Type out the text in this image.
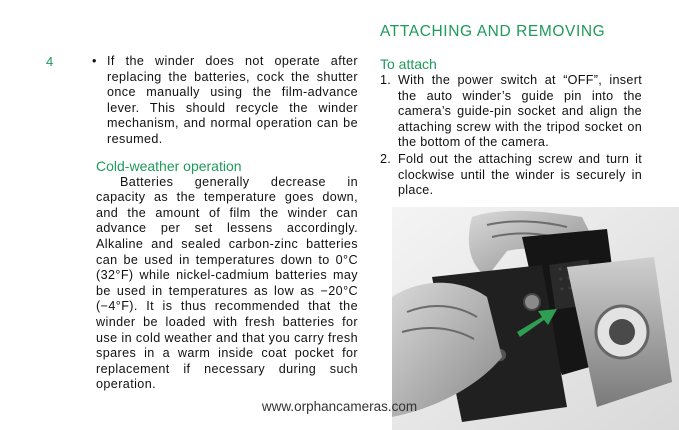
4	• If the winder does not operate after replacing the batteries, cock the shutter once manually using the film-advance lever. This should recycle the winder mechanism, and normal operation can be resumed.
Cold-weather operation
Batteries generally decrease in capacity as the temperature goes down, and the amount of film the winder can advance per set lessens accordingly. Alkaline and sealed carbon-zinc batteries can be used in temperatures down to 0°C (32°F) while nickel-cadmium batteries may be used in temperatures as low as −20°C (−4°F). It is thus recommended that the winder be loaded with fresh batteries for use in cold weather and that you carry fresh spares in a warm inside coat pocket for replacement if necessary during such operation.
ATTACHING AND REMOVING
To attach
1. With the power switch at “OFF”, insert the auto winder’s guide pin into the camera’s guide-pin socket and align the attaching screw with the tripod socket on the bottom of the camera.
2. Fold out the attaching screw and turn it clockwise until the winder is securely in place.
www.orphancameras.com
